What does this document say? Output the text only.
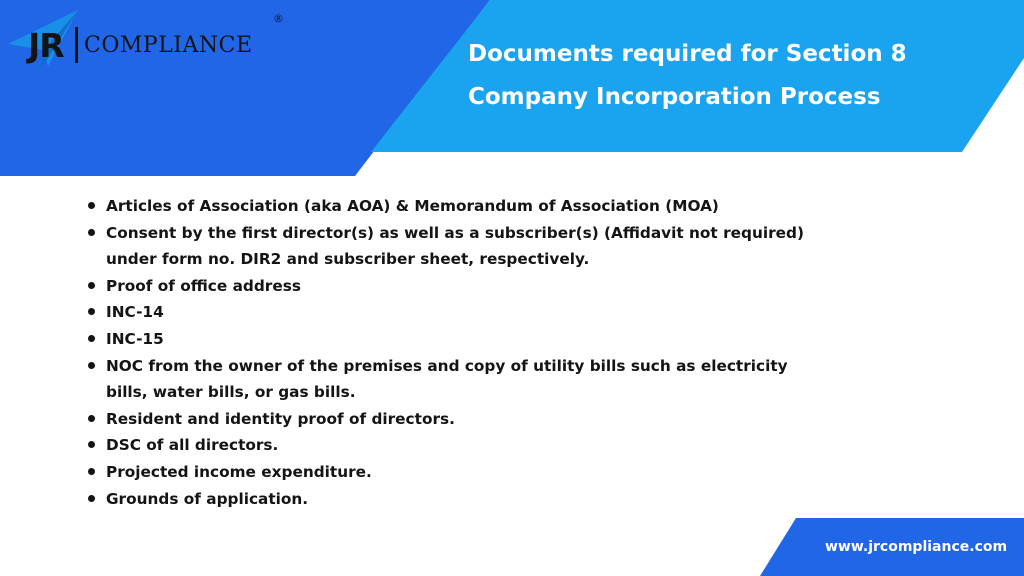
JR COMPLIANCE
®
Documents required for Section 8
Company Incorporation Process
Articles of Association (aka AOA) & Memorandum of Association (MOA)
Consent by the first director(s) as well as a subscriber(s) (Affidavit not required)
under form no. DIR2 and subscriber sheet, respectively.
Proof of office address
INC-14
INC-15
NOC from the owner of the premises and copy of utility bills such as electricity
bills, water bills, or gas bills.
Resident and identity proof of directors.
DSC of all directors.
Projected income expenditure.
Grounds of application.
www.jrcompliance.com
